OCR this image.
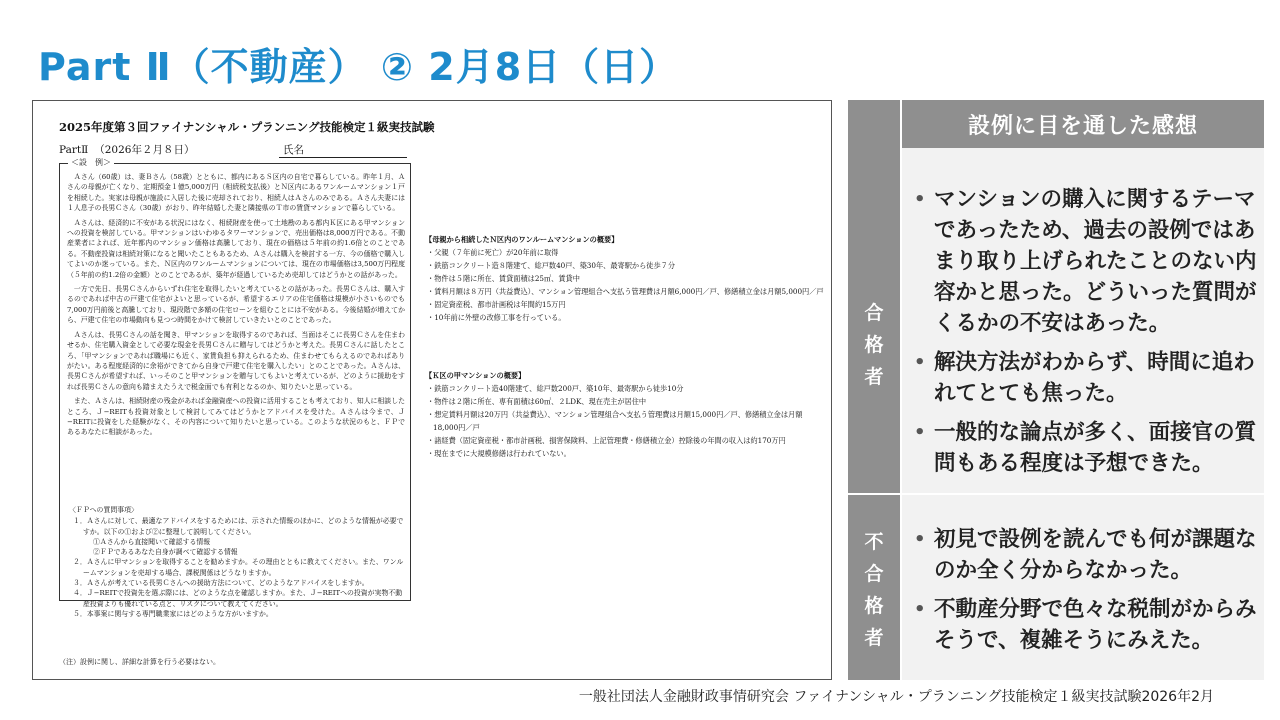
Part Ⅱ（不動産） ② 2月8日（日）
2025年度第３回ファイナンシャル・プランニング技能検定１級実技試験
PartⅡ （2026年２月８日）	氏名
＜設　例＞

Ａさん（60歳）は、妻Ｂさん（58歳）とともに、都内にあるＳ区内の自宅で暮らしている。昨年１月、Ａさんの母親が亡くなり、定期預金１億5,000万円（相続税支払後）とＮ区内にあるワンルームマンション１戸を相続した。実家は母親が施設に入居した後に売却されており、相続人はＡさんのみである。Ａさん夫妻には１人息子の長男Ｃさん（30歳）がおり、昨年結婚した妻と隣接県のＴ市の賃貸マンションで暮らしている。

Ａさんは、経済的に不安がある状況にはなく、相続財産を使って土地勘のある都内Ｋ区にある甲マンションへの投資を検討している。甲マンションはいわゆるタワーマンションで、売出価格は8,000万円である。不動産業者によれば、近年都内のマンション価格は高騰しており、現在の価格は５年前の約1.6倍とのことである。不動産投資は相続対策になると聞いたこともあるため、Ａさんは購入を検討する一方、今の価格で購入してよいのか迷っている。また、Ｎ区内のワンルームマンションについては、現在の市場価格は3,500万円程度（５年前の約1.2倍の金額）とのことであるが、築年が経過しているため売却してはどうかとの話があった。

一方で先日、長男Ｃさんからいずれ住宅を取得したいと考えているとの話があった。長男Ｃさんは、購入するのであれば中古の戸建て住宅がよいと思っているが、希望するエリアの住宅価格は規模が小さいものでも7,000万円前後と高騰しており、現段階で多額の住宅ローンを組むことには不安がある。今後結婚が増えてから、戸建て住宅の市場動向も見つつ時間をかけて検討していきたいとのことであった。

Ａさんは、長男Ｃさんの話を聞き、甲マンションを取得するのであれば、当面はそこに長男Ｃさんを住まわせるか、住宅購入資金として必要な現金を長男Ｃさんに贈与してはどうかと考えた。長男Ｃさんに話したところ、「甲マンションであれば職場にも近く、家賃負担も抑えられるため、住まわせてもらえるのであればありがたい。ある程度経済的に余裕ができてから自身で戸建て住宅を購入したい」とのことであった。Ａさんは、長男Ｃさんが希望すれば、いっそのこと甲マンションを贈与してもよいと考えているが、どのように援助をすれば長男Ｃさんの意向も踏まえたうえで税金面でも有利となるのか、知りたいと思っている。

また、Ａさんは、相続財産の残金があれば金融資産への投資に活用することも考えており、知人に相談したところ、Ｊ−REITも投資対象として検討してみてはどうかとアドバイスを受けた。Ａさんは今まで、Ｊ−REITに投資をした経験がなく、その内容について知りたいと思っている。このような状況のもと、ＦＰであるあなたに相談があった。

〈ＦＰへの質問事項〉
１．Ａさんに対して、最適なアドバイスをするためには、示された情報のほかに、どのような情報が必要ですか。以下の①および②に整理して説明してください。
①Ａさんから直接聞いて確認する情報
②ＦＰであるあなた自身が調べて確認する情報
２．Ａさんに甲マンションを取得することを勧めますか。その理由とともに教えてください。また、ワンルームマンションを売却する場合、課税関係はどうなりますか。
３．Ａさんが考えている長男Ｃさんへの援助方法について、どのようなアドバイスをしますか。
４．Ｊ−REITで投資先を選ぶ際には、どのような点を確認しますか。また、Ｊ−REITへの投資が実物不動産投資よりも優れている点と、リスクについて教えてください。
５．本事案に関与する専門職業家にはどのような方がいますか。
（注）設例に関し、詳細な計算を行う必要はない。
【母親から相続したＮ区内のワンルームマンションの概要】
・父親（７年前に死亡）が20年前に取得
・鉄筋コンクリート造８階建て、総戸数40戸、築30年、最寄駅から徒歩７分
・物件は５階に所在、賃貸面積は25㎡、賃貸中
・賃料月額は８万円（共益費込）、マンション管理組合へ支払う管理費は月額6,000円／戸、修繕積立金は月額5,000円／戸
・固定資産税、都市計画税は年間約15万円
・10年前に外壁の改修工事を行っている。
【Ｋ区の甲マンションの概要】
・鉄筋コンクリート造40階建て、総戸数200戸、築10年、最寄駅から徒歩10分
・物件は２階に所在、専有面積は60㎡、２LDK、現在売主が居住中
・想定賃料月額は20万円（共益費込）、マンション管理組合へ支払う管理費は月額15,000円／戸、修繕積立金は月額18,000円／戸
・諸経費（固定資産税・都市計画税、損害保険料、上記管理費・修繕積立金）控除後の年間の収入は約170万円
・現在までに大規模修繕は行われていない。
設例に目を通した感想
合
格
者
• マンションの購入に関するテーマであったため、過去の設例ではあまり取り上げられたことのない内容かと思った。どういった質問がくるかの不安はあった。
• 解決方法がわからず、時間に追われてとても焦った。
• 一般的な論点が多く、面接官の質問もある程度は予想できた。
不
合
格
者
• 初見で設例を読んでも何が課題なのか全く分からなかった。
• 不動産分野で色々な税制がからみそうで、複雑そうにみえた。
一般社団法人金融財政事情研究会 ファイナンシャル・プランニング技能検定１級実技試験2026年2月
